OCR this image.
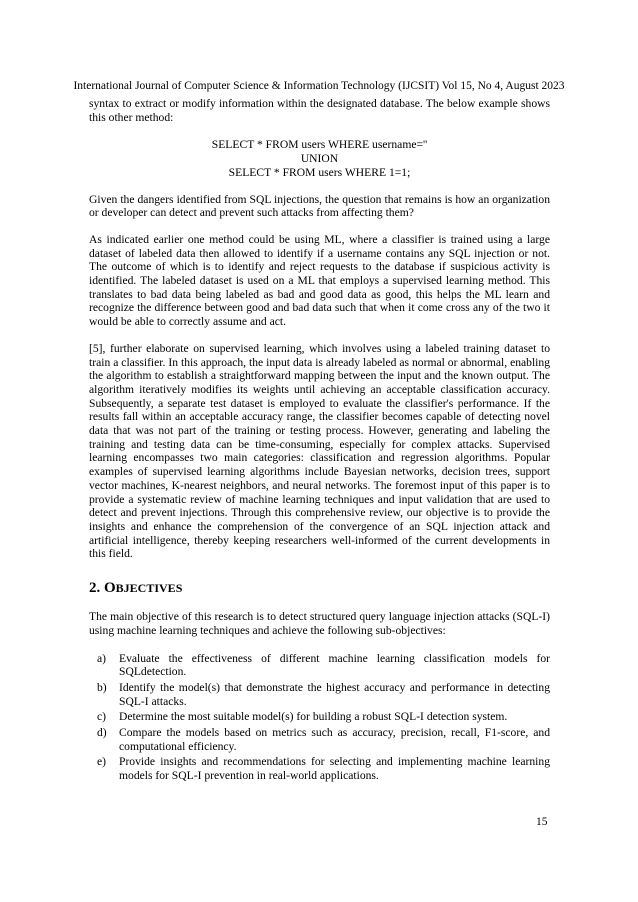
International Journal of Computer Science & Information Technology (IJCSIT) Vol 15, No 4, August 2023

syntax to extract or modify information within the designated database. The below example shows this other method:

SELECT * FROM users WHERE username=''
UNION
SELECT * FROM users WHERE 1=1;

Given the dangers identified from SQL injections, the question that remains is how an organization or developer can detect and prevent such attacks from affecting them?

As indicated earlier one method could be using ML, where a classifier is trained using a large dataset of labeled data then allowed to identify if a username contains any SQL injection or not. The outcome of which is to identify and reject requests to the database if suspicious activity is identified. The labeled dataset is used on a ML that employs a supervised learning method. This translates to bad data being labeled as bad and good data as good, this helps the ML learn and recognize the difference between good and bad data such that when it come cross any of the two it would be able to correctly assume and act.

[5], further elaborate on supervised learning, which involves using a labeled training dataset to train a classifier. In this approach, the input data is already labeled as normal or abnormal, enabling the algorithm to establish a straightforward mapping between the input and the known output. The algorithm iteratively modifies its weights until achieving an acceptable classification accuracy. Subsequently, a separate test dataset is employed to evaluate the classifier's performance. If the results fall within an acceptable accuracy range, the classifier becomes capable of detecting novel data that was not part of the training or testing process. However, generating and labeling the training and testing data can be time-consuming, especially for complex attacks. Supervised learning encompasses two main categories: classification and regression algorithms. Popular examples of supervised learning algorithms include Bayesian networks, decision trees, support vector machines, K-nearest neighbors, and neural networks. The foremost input of this paper is to provide a systematic review of machine learning techniques and input validation that are used to detect and prevent injections. Through this comprehensive review, our objective is to provide the insights and enhance the comprehension of the convergence of an SQL injection attack and artificial intelligence, thereby keeping researchers well-informed of the current developments in this field.

2. OBJECTIVES

The main objective of this research is to detect structured query language injection attacks (SQL-I) using machine learning techniques and achieve the following sub-objectives:

a) Evaluate the effectiveness of different machine learning classification models for SQLdetection.
b) Identify the model(s) that demonstrate the highest accuracy and performance in detecting SQL-I attacks.
c) Determine the most suitable model(s) for building a robust SQL-I detection system.
d) Compare the models based on metrics such as accuracy, precision, recall, F1-score, and computational efficiency.
e) Provide insights and recommendations for selecting and implementing machine learning models for SQL-I prevention in real-world applications.
15
